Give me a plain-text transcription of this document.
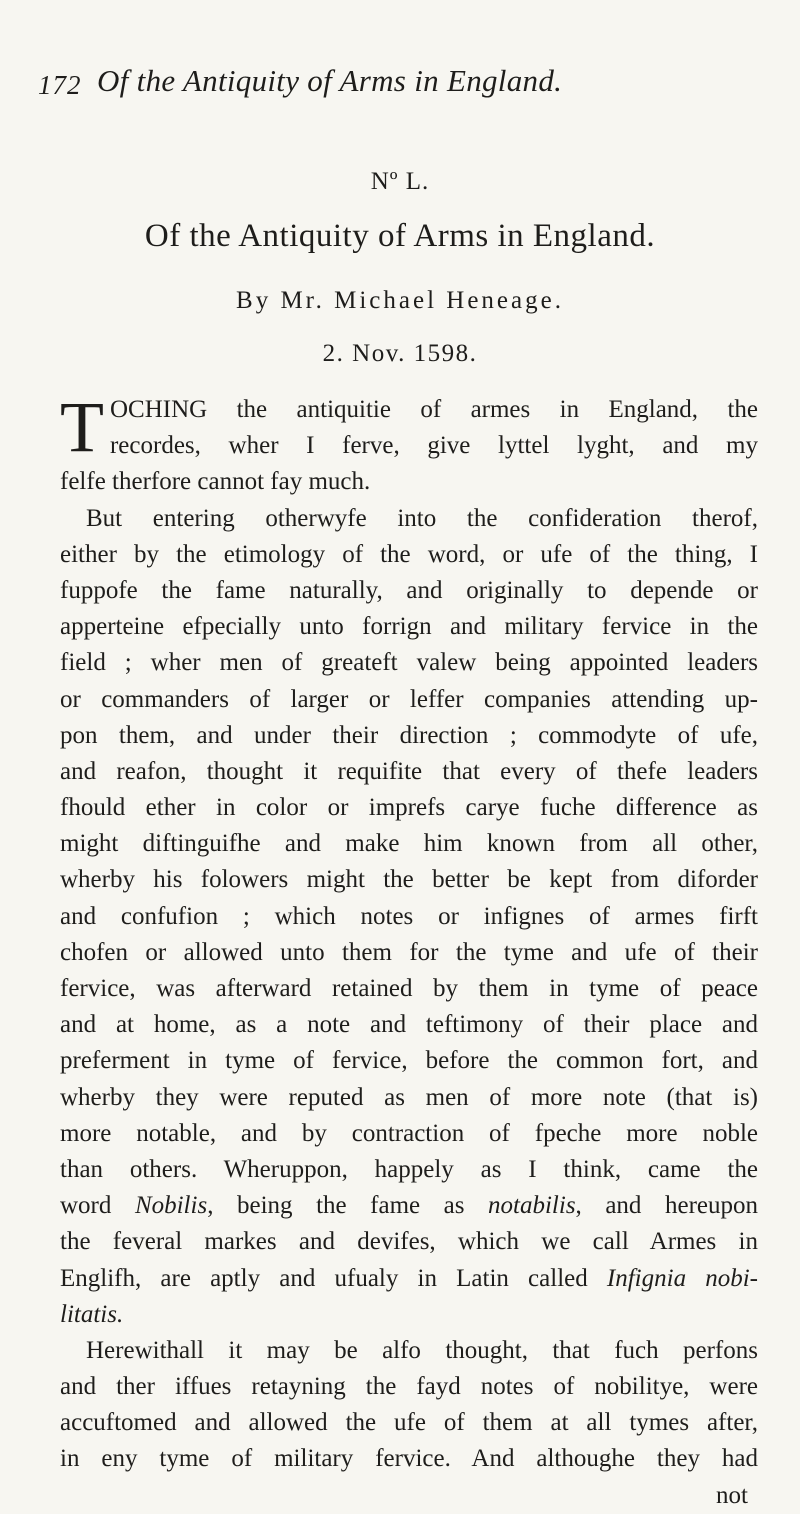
172 Of the Antiquity of Arms in England.
Nº L.
Of the Antiquity of Arms in England.
By Mr. Michael Heneage.
2. Nov. 1598.
T OCHING the antiquitie of armes in England, the
recordes, wher I ferve, give lyttel lyght, and my
felfe therfore cannot fay much.
But entering otherwyfe into the confideration therof,
either by the etimology of the word, or ufe of the thing, I
fuppofe the fame naturally, and originally to depende or
apperteine efpecially unto forrign and military fervice in the
field ; wher men of greateft valew being appointed leaders
or commanders of larger or leffer companies attending up-
pon them, and under their direction ; commodyte of ufe,
and reafon, thought it requifite that every of thefe leaders
fhould ether in color or imprefs carye fuche difference as
might diftinguifhe and make him known from all other,
wherby his folowers might the better be kept from diforder
and confufion ; which notes or infignes of armes firft
chofen or allowed unto them for the tyme and ufe of their
fervice, was afterward retained by them in tyme of peace
and at home, as a note and teftimony of their place and
preferment in tyme of fervice, before the common fort, and
wherby they were reputed as men of more note (that is)
more notable, and by contraction of fpeche more noble
than others. Wheruppon, happely as I think, came the
word Nobilis, being the fame as notabilis, and hereupon
the feveral markes and devifes, which we call Armes in
Englifh, are aptly and ufualy in Latin called Infignia nobi-
litatis.
Herewithall it may be alfo thought, that fuch perfons
and ther iffues retayning the fayd notes of nobilitye, were
accuftomed and allowed the ufe of them at all tymes after,
in eny tyme of military fervice. And althoughe they had
not
